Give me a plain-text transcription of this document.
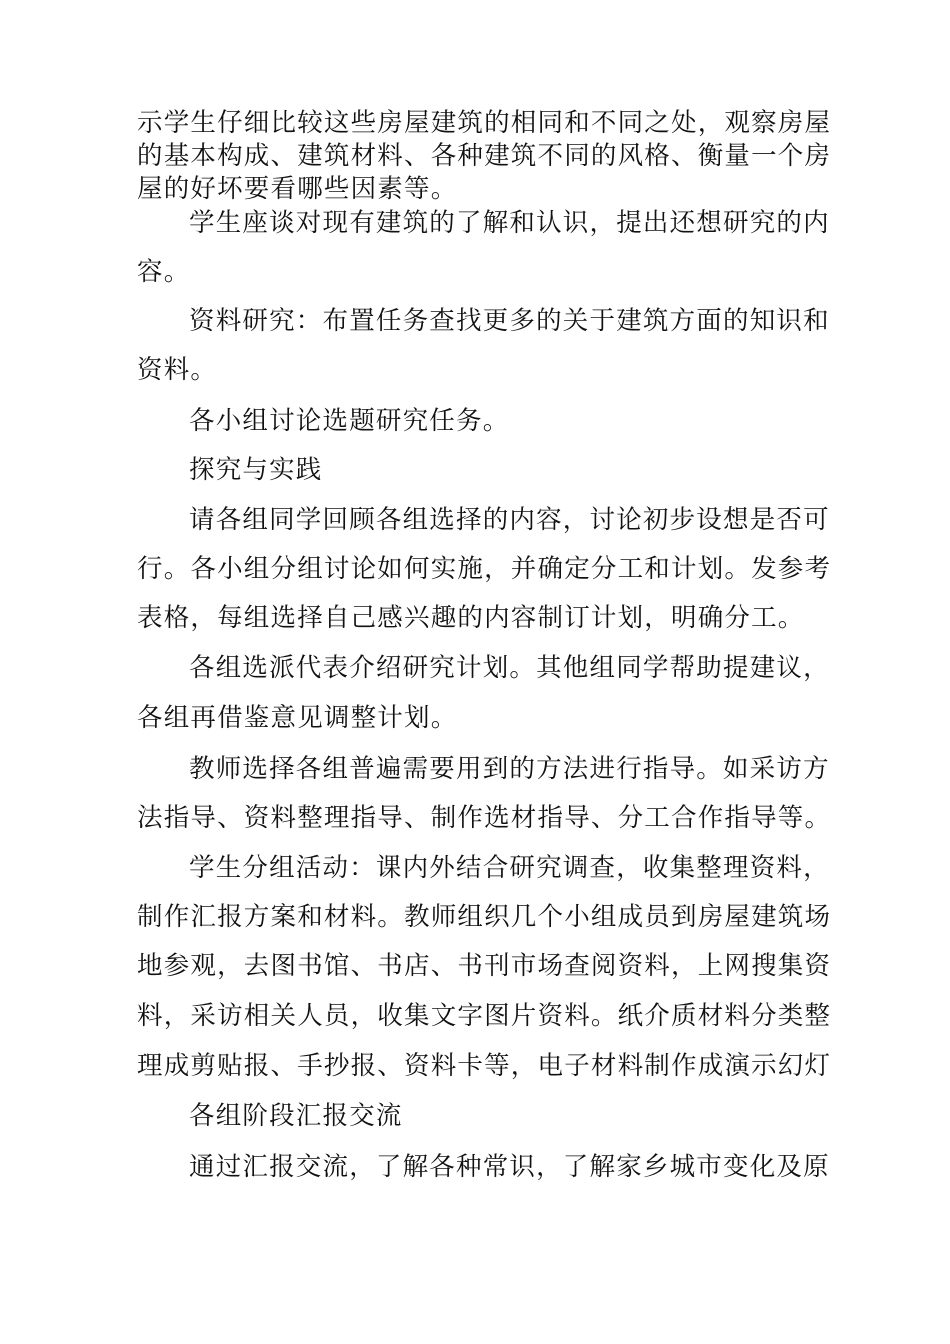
示学生仔细比较这些房屋建筑的相同和不同之处，观察房屋

的基本构成、建筑材料、各种建筑不同的风格、衡量一个房

屋的好坏要看哪些因素等。

学生座谈对现有建筑的了解和认识，提出还想研究的内

容。

资料研究：布置任务查找更多的关于建筑方面的知识和

资料。

各小组讨论选题研究任务。

探究与实践

请各组同学回顾各组选择的内容，讨论初步设想是否可

行。各小组分组讨论如何实施，并确定分工和计划。发参考

表格，每组选择自己感兴趣的内容制订计划，明确分工。

各组选派代表介绍研究计划。其他组同学帮助提建议，

各组再借鉴意见调整计划。

教师选择各组普遍需要用到的方法进行指导。如采访方

法指导、资料整理指导、制作选材指导、分工合作指导等。

学生分组活动：课内外结合研究调查，收集整理资料，

制作汇报方案和材料。教师组织几个小组成员到房屋建筑场

地参观，去图书馆、书店、书刊市场查阅资料，上网搜集资

料，采访相关人员，收集文字图片资料。纸介质材料分类整

理成剪贴报、手抄报、资料卡等，电子材料制作成演示幻灯

各组阶段汇报交流

通过汇报交流，了解各种常识，了解家乡城市变化及原
